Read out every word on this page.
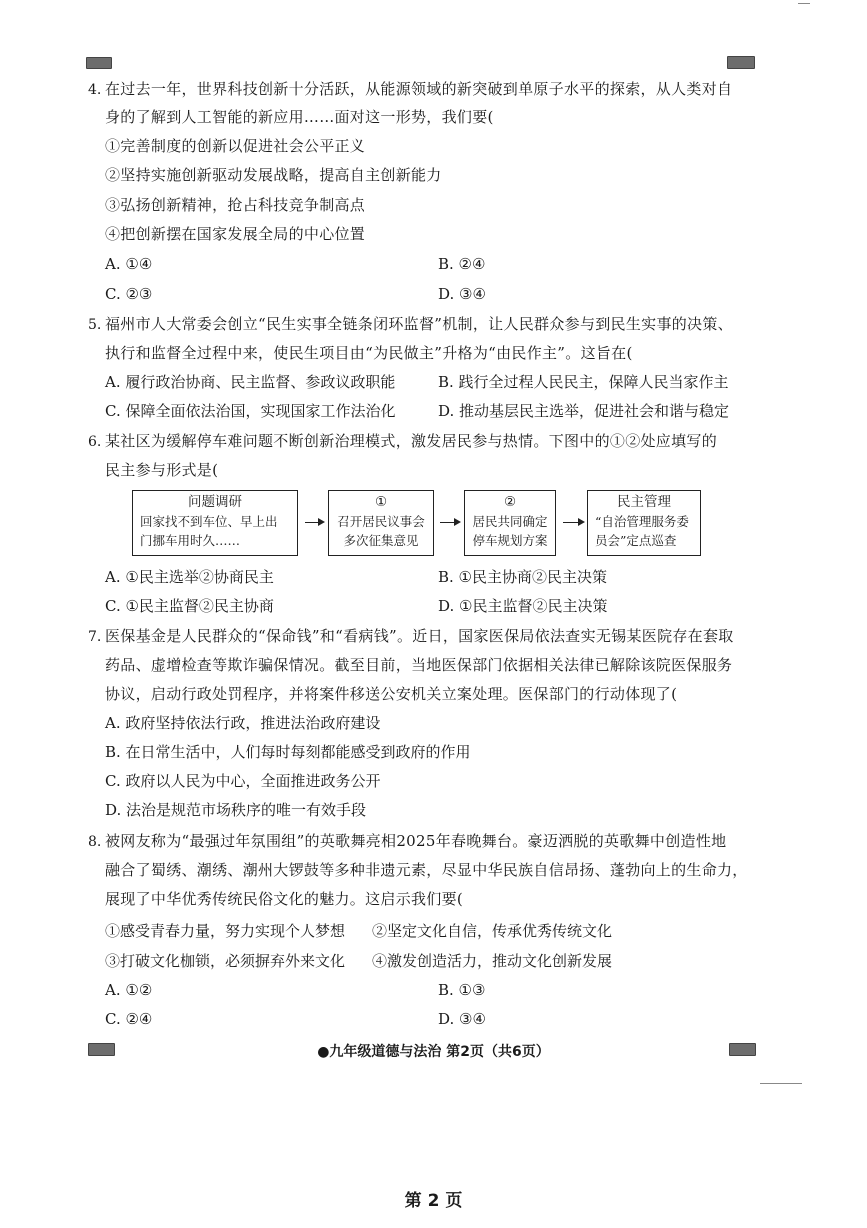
4. 在过去一年，世界科技创新十分活跃，从能源领域的新突破到单原子水平的探索，从人类对自
身的了解到人工智能的新应用……面对这一形势，我们要(
①完善制度的创新以促进社会公平正义
②坚持实施创新驱动发展战略，提高自主创新能力
③弘扬创新精神，抢占科技竞争制高点
④把创新摆在国家发展全局的中心位置
A. ①④	B. ②④
C. ②③	D. ③④
5. 福州市人大常委会创立“民生实事全链条闭环监督”机制，让人民群众参与到民生实事的决策、
执行和监督全过程中来，使民生项目由“为民做主”升格为“由民作主”。这旨在(
A. 履行政治协商、民主监督、参政议政职能	B. 践行全过程人民民主，保障人民当家作主
C. 保障全面依法治国，实现国家工作法治化	D. 推动基层民主选举，促进社会和谐与稳定
6. 某社区为缓解停车难问题不断创新治理模式，激发居民参与热情。下图中的①②处应填写的
民主参与形式是(
问题调研
回家找不到车位、早上出
门挪车用时久……
①
召开居民议事会
多次征集意见
②
居民共同确定
停车规划方案
民主管理
“自治管理服务委
员会”定点巡查
A. ①民主选举②协商民主	B. ①民主协商②民主决策
C. ①民主监督②民主协商	D. ①民主监督②民主决策
7. 医保基金是人民群众的“保命钱”和“看病钱”。近日，国家医保局依法查实无锡某医院存在套取
药品、虚增检查等欺诈骗保情况。截至目前，当地医保部门依据相关法律已解除该院医保服务
协议，启动行政处罚程序，并将案件移送公安机关立案处理。医保部门的行动体现了(
A. 政府坚持依法行政，推进法治政府建设
B. 在日常生活中，人们每时每刻都能感受到政府的作用
C. 政府以人民为中心，全面推进政务公开
D. 法治是规范市场秩序的唯一有效手段
8. 被网友称为“最强过年氛围组”的英歌舞亮相2025年春晚舞台。豪迈洒脱的英歌舞中创造性地
融合了蜀绣、潮绣、潮州大锣鼓等多种非遗元素，尽显中华民族自信昂扬、蓬勃向上的生命力，
展现了中华优秀传统民俗文化的魅力。这启示我们要(
①感受青春力量，努力实现个人梦想 ②坚定文化自信，传承优秀传统文化
③打破文化枷锁，必须摒弃外来文化 ④激发创造活力，推动文化创新发展
A. ①②	B. ①③
C. ②④	D. ③④
●九年级道德与法治 第2页（共6页）
第 2 页
